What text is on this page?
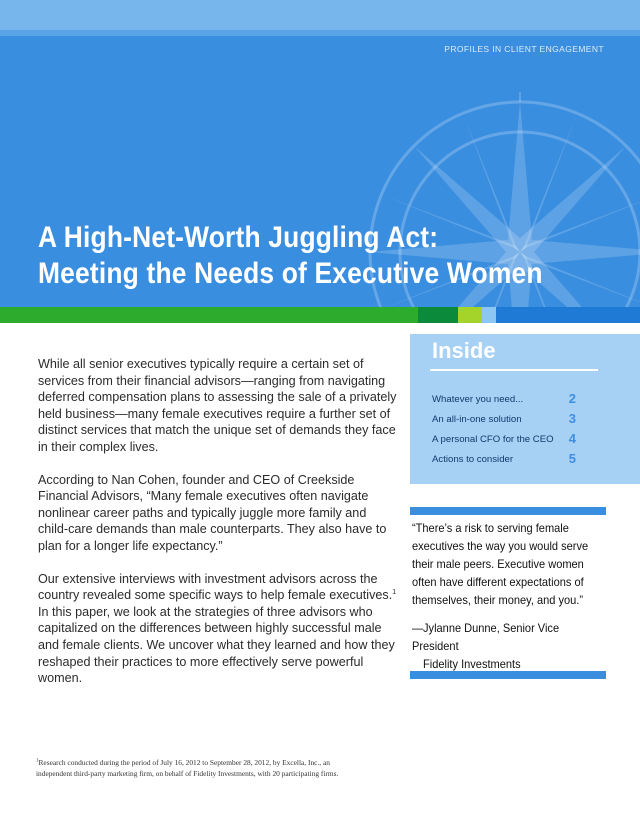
PROFILES IN CLIENT ENGAGEMENT
A High-Net-Worth Juggling Act:
Meeting the Needs of Executive Women

While all senior executives typically require a certain set of services from their financial advisors—ranging from navigating deferred compensation plans to assessing the sale of a privately held business—many female executives require a further set of distinct services that match the unique set of demands they face in their complex lives.

According to Nan Cohen, founder and CEO of Creekside Financial Advisors, “Many female executives often navigate nonlinear career paths and typically juggle more family and child-care demands than male counterparts. They also have to plan for a longer life expectancy.”

Our extensive interviews with investment advisors across the country revealed some specific ways to help female executives.$^1$ In this paper, we look at the strategies of three advisors who capitalized on the differences between highly successful male and female clients. We uncover what they learned and how they reshaped their practices to more effectively serve powerful women.

Inside
Whatever you need...	2
An all-in-one solution	3
A personal CFO for the CEO 4
Actions to consider	5
“There’s a risk to serving female executives the way you would serve their male peers. Executive women often have different expectations of themselves, their money, and you.”
—Jylanne Dunne, Senior Vice President
Fidelity Investments
$^1$Research conducted during the period of July 16, 2012 to September 28, 2012, by Excella, Inc., an independent third-party marketing firm, on behalf of Fidelity Investments, with 20 participating firms.
